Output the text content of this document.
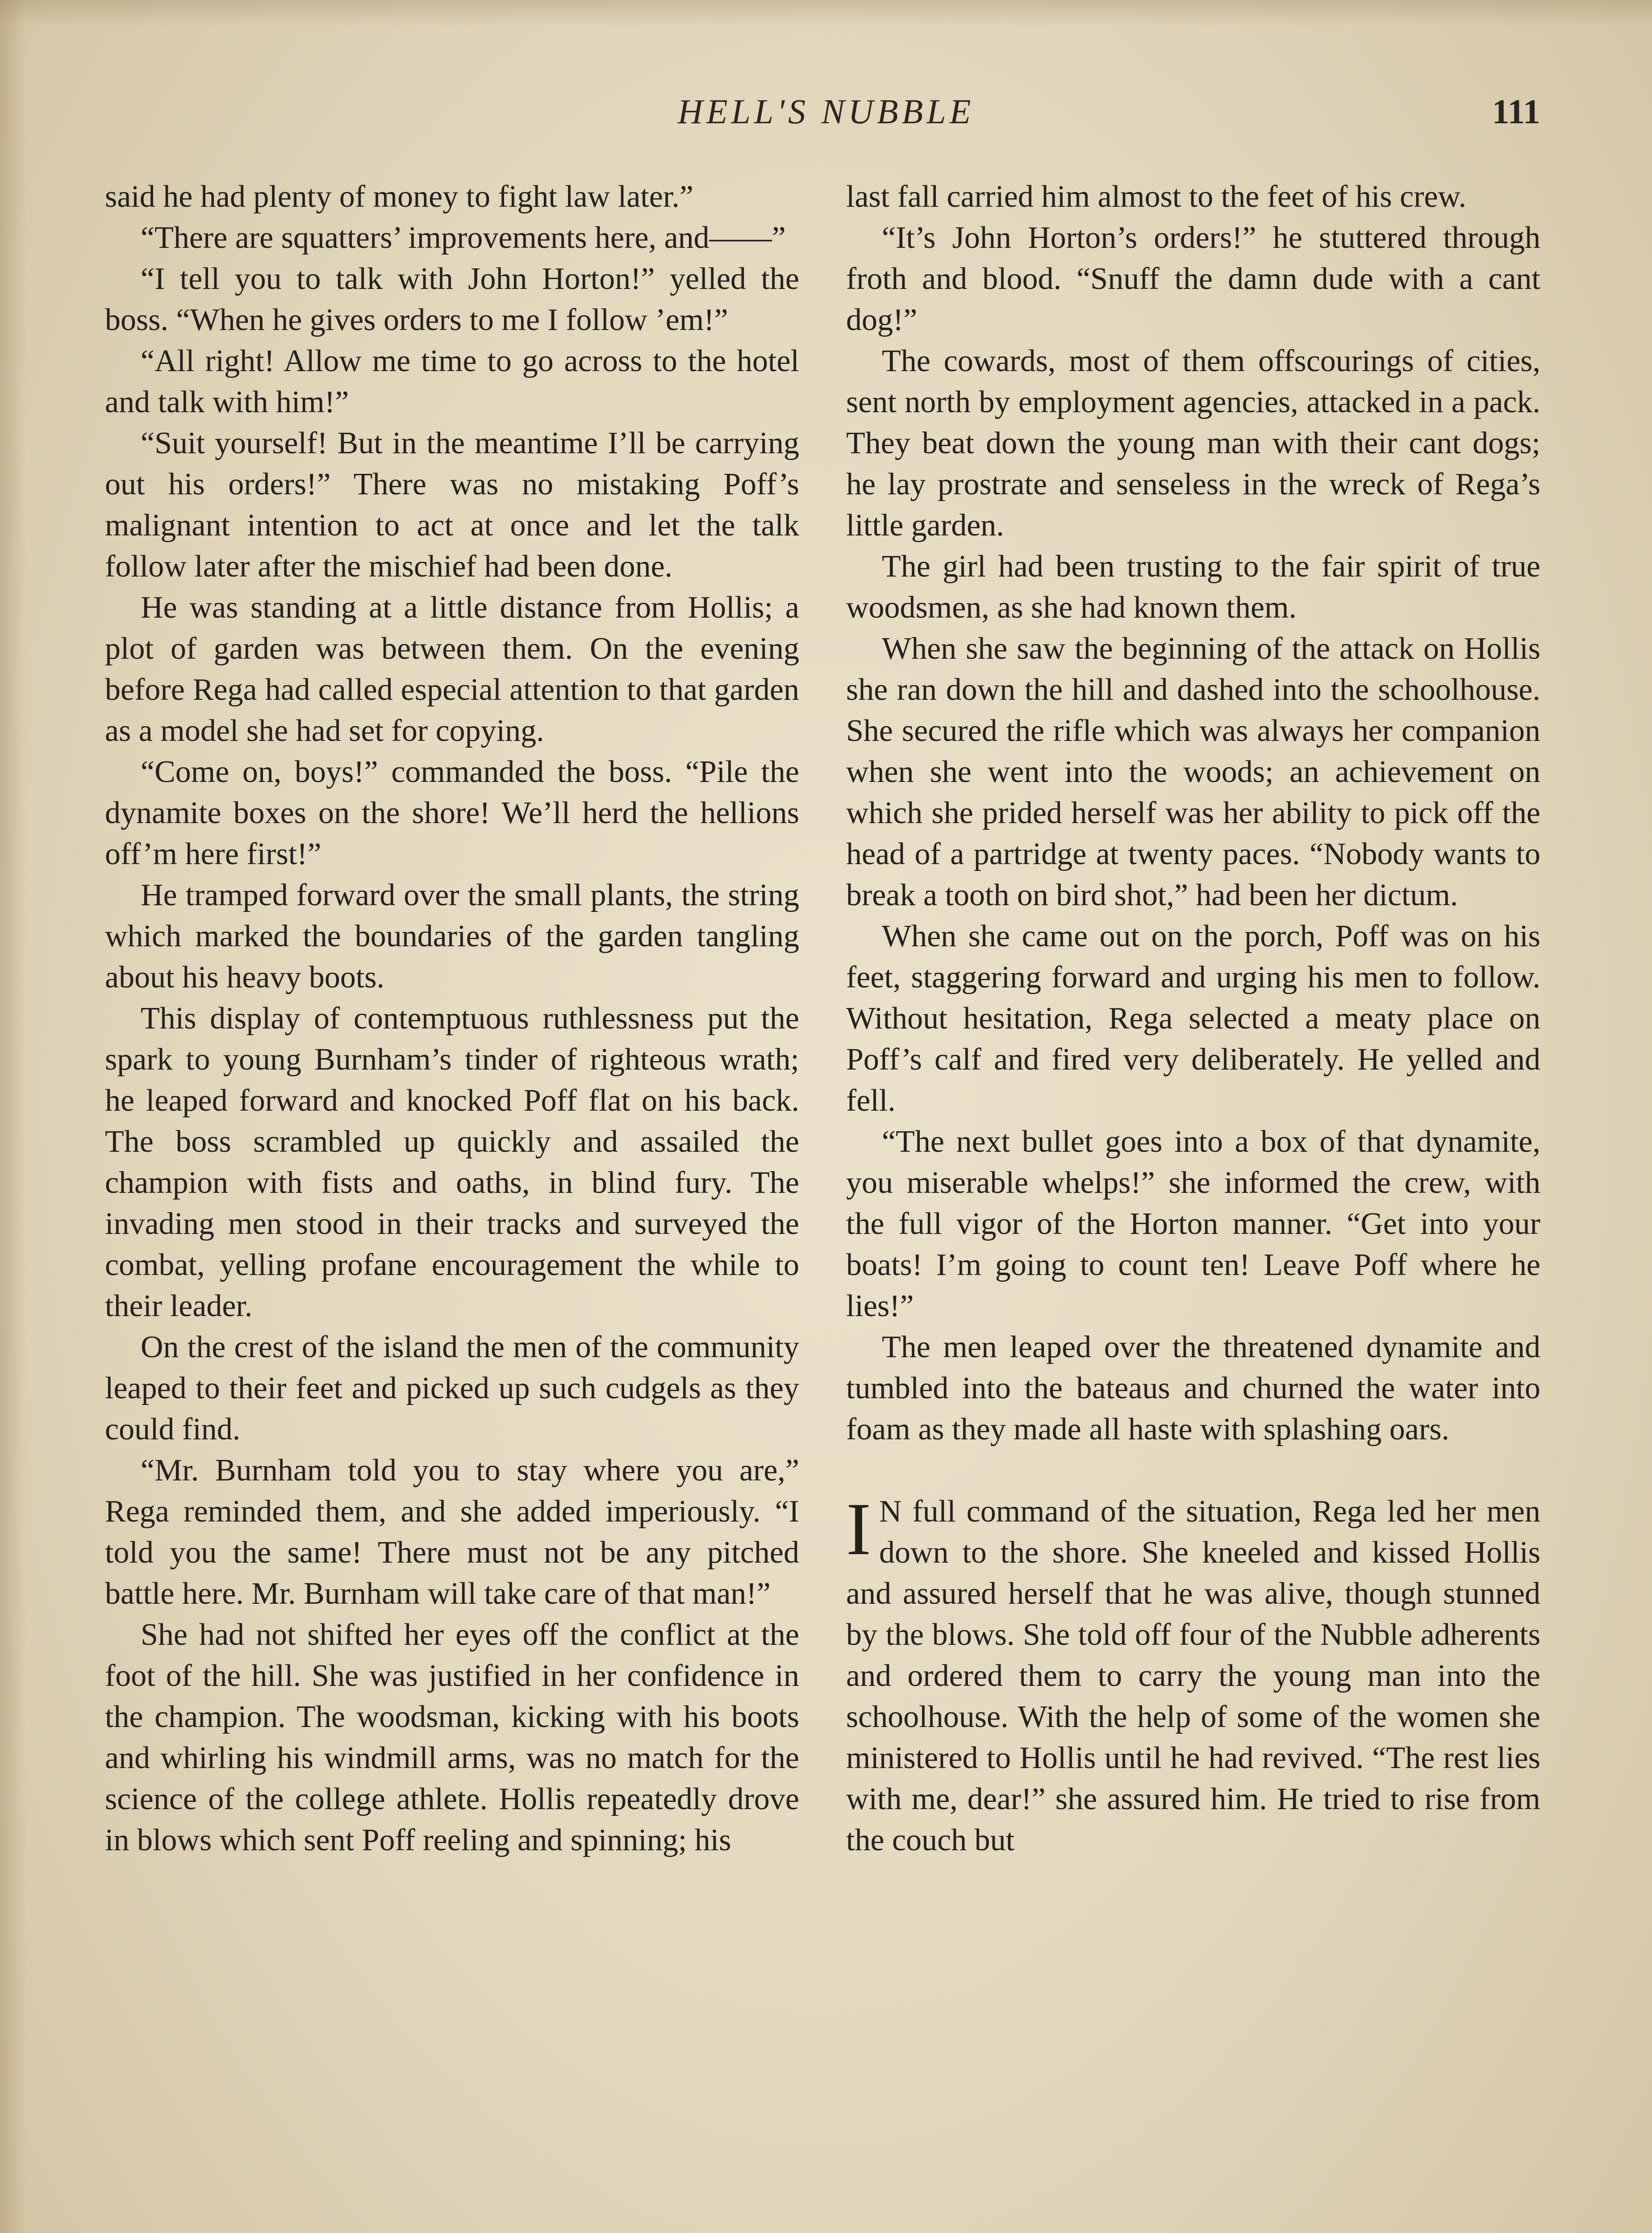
HELL'S NUBBLE	111

said he had plenty of money to fight law later.”

“There are squatters’ improvements here, and——”

“I tell you to talk with John Horton!” yelled the boss. “When he gives orders to me I follow ’em!”

“All right! Allow me time to go across to the hotel and talk with him!”

“Suit yourself! But in the meantime I’ll be carrying out his orders!” There was no mistaking Poff’s malignant intention to act at once and let the talk follow later after the mischief had been done.

He was standing at a little distance from Hollis; a plot of garden was between them. On the evening before Rega had called especial attention to that garden as a model she had set for copying.

“Come on, boys!” commanded the boss. “Pile the dynamite boxes on the shore! We’ll herd the hellions off’m here first!”

He tramped forward over the small plants, the string which marked the boundaries of the garden tangling about his heavy boots.

This display of contemptuous ruthlessness put the spark to young Burnham’s tinder of righteous wrath; he leaped forward and knocked Poff flat on his back. The boss scrambled up quickly and assailed the champion with fists and oaths, in blind fury. The invading men stood in their tracks and surveyed the combat, yelling profane encouragement the while to their leader.

On the crest of the island the men of the community leaped to their feet and picked up such cudgels as they could find.

“Mr. Burnham told you to stay where you are,” Rega reminded them, and she added imperiously. “I told you the same! There must not be any pitched battle here. Mr. Burnham will take care of that man!”

She had not shifted her eyes off the conflict at the foot of the hill. She was justified in her confidence in the champion. The woodsman, kicking with his boots and whirling his windmill arms, was no match for the science of the college athlete. Hollis repeatedly drove in blows which sent Poff reeling and spinning; his

last fall carried him almost to the feet of his crew.

“It’s John Horton’s orders!” he stuttered through froth and blood. “Snuff the damn dude with a cant dog!”

The cowards, most of them offscourings of cities, sent north by employment agencies, attacked in a pack. They beat down the young man with their cant dogs; he lay prostrate and senseless in the wreck of Rega’s little garden.

The girl had been trusting to the fair spirit of true woodsmen, as she had known them.

When she saw the beginning of the attack on Hollis she ran down the hill and dashed into the schoolhouse. She secured the rifle which was always her companion when she went into the woods; an achievement on which she prided herself was her ability to pick off the head of a partridge at twenty paces. “Nobody wants to break a tooth on bird shot,” had been her dictum.

When she came out on the porch, Poff was on his feet, staggering forward and urging his men to follow. Without hesitation, Rega selected a meaty place on Poff’s calf and fired very deliberately. He yelled and fell.

“The next bullet goes into a box of that dynamite, you miserable whelps!” she informed the crew, with the full vigor of the Horton manner. “Get into your boats! I’m going to count ten! Leave Poff where he lies!”

The men leaped over the threatened dynamite and tumbled into the bateaus and churned the water into foam as they made all haste with splashing oars.

I N full command of the situation, Rega led her men down to the shore. She kneeled and kissed Hollis and assured herself that he was alive, though stunned by the blows. She told off four of the Nubble adherents and ordered them to carry the young man into the schoolhouse. With the help of some of the women she ministered to Hollis until he had revived. “The rest lies with me, dear!” she assured him. He tried to rise from the couch but
